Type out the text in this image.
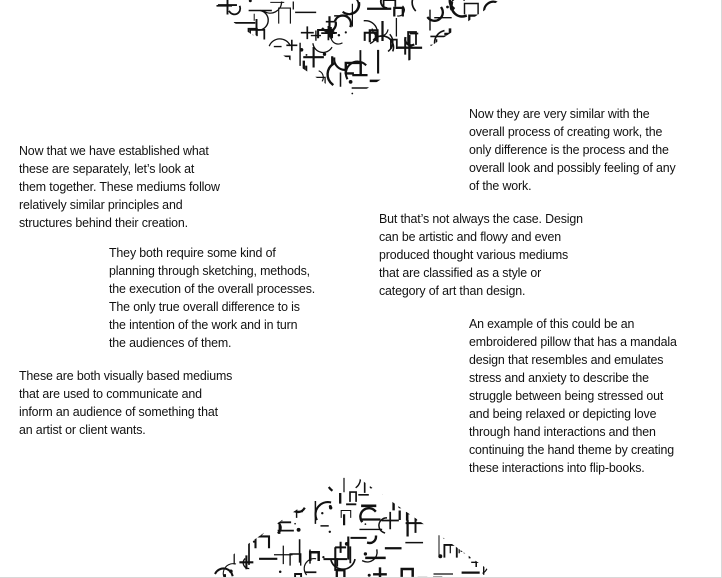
Now that we have established what
these are separately, let’s look at
them together. These mediums follow
relatively similar principles and
structures behind their creation.
They both require some kind of
planning through sketching, methods,
the execution of the overall processes.
The only true overall difference to is
the intention of the work and in turn
the audiences of them.
These are both visually based mediums
that are used to communicate and
inform an audience of something that
an artist or client wants.
Now they are very similar with the
overall process of creating work, the
only difference is the process and the
overall look and possibly feeling of any
of the work.
But that’s not always the case. Design
can be artistic and flowy and even
produced thought various mediums
that are classified as a style or
category of art than design.
An example of this could be an
embroidered pillow that has a mandala
design that resembles and emulates
stress and anxiety to describe the
struggle between being stressed out
and being relaxed or depicting love
through hand interactions and then
continuing the hand theme by creating
these interactions into flip-books.
